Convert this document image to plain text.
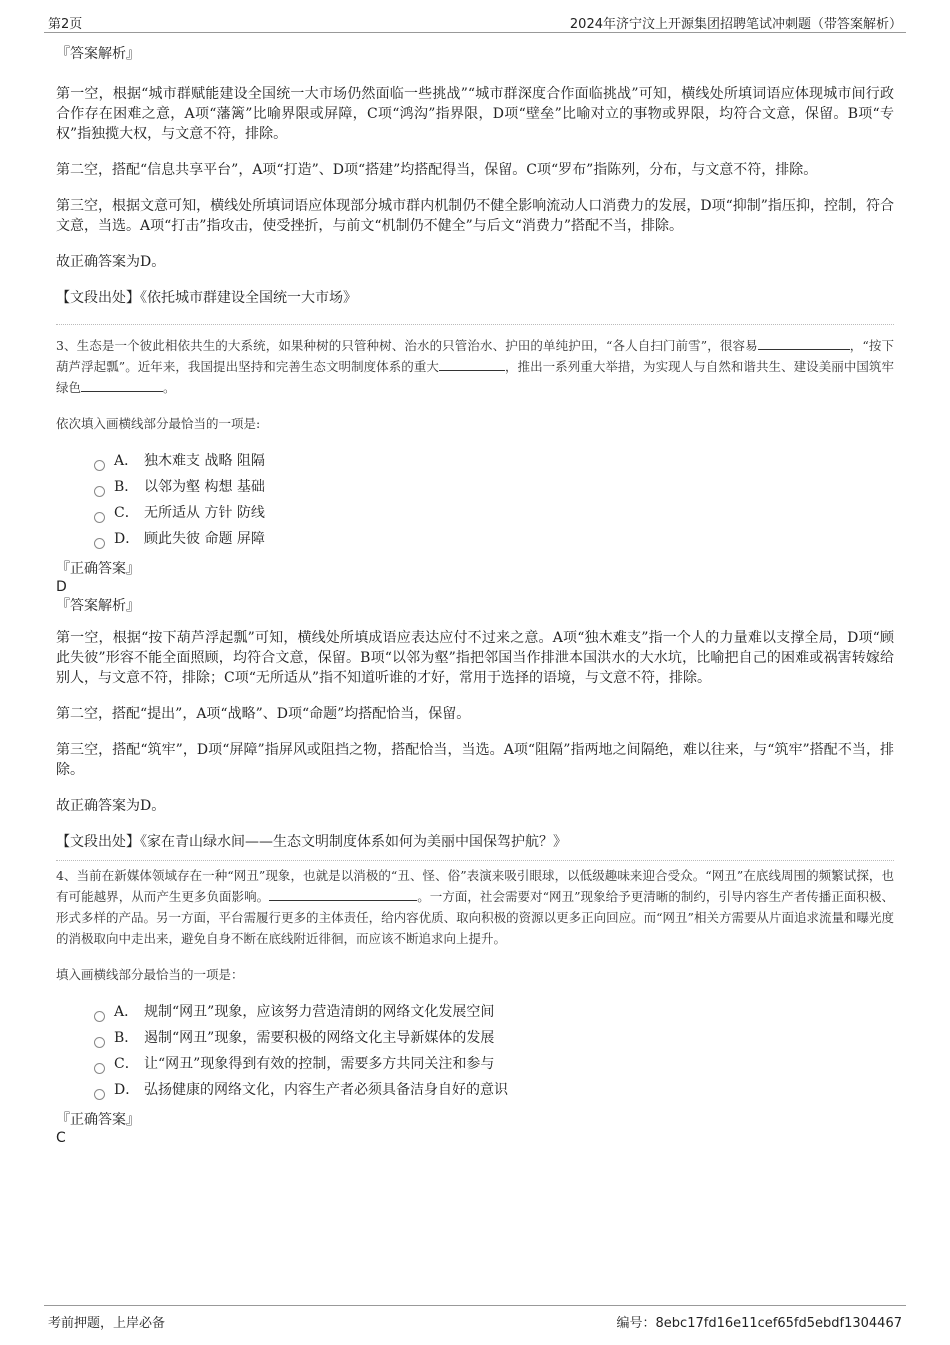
第2页	2024年济宁汶上开源集团招聘笔试冲刺题（带答案解析）

『答案解析』

第一空，根据“城市群赋能建设全国统一大市场仍然面临一些挑战”“城市群深度合作面临挑战”可知，横线处所填词语应体现城市间行政合作存在困难之意，A项“藩篱”比喻界限或屏障，C项“鸿沟”指界限，D项“壁垒”比喻对立的事物或界限，均符合文意，保留。B项“专权”指独揽大权，与文意不符，排除。

第二空，搭配“信息共享平台”，A项“打造”、D项“搭建”均搭配得当，保留。C项“罗布”指陈列，分布，与文意不符，排除。

第三空，根据文意可知，横线处所填词语应体现部分城市群内机制仍不健全影响流动人口消费力的发展，D项“抑制”指压抑，控制，符合文意，当选。A项“打击”指攻击，使受挫折，与前文“机制仍不健全”与后文“消费力”搭配不当，排除。

故正确答案为D。

【文段出处】《依托城市群建设全国统一大市场》

3、生态是一个彼此相依共生的大系统，如果种树的只管种树、治水的只管治水、护田的单纯护田，“各人自扫门前雪”，很容易	，“按下葫芦浮起瓢”。近年来，我国提出坚持和完善生态文明制度体系的重大	，推出一系列重大举措，为实现人与自然和谐共生、建设美丽中国筑牢绿色	。

依次填入画横线部分最恰当的一项是:

A． 独木难支 战略 阻隔
B． 以邻为壑 构想 基础
C． 无所适从 方针 防线
D． 顾此失彼 命题 屏障

『正确答案』

D

『答案解析』

第一空，根据“按下葫芦浮起瓢”可知，横线处所填成语应表达应付不过来之意。A项“独木难支”指一个人的力量难以支撑全局，D项“顾此失彼”形容不能全面照顾，均符合文意，保留。B项“以邻为壑”指把邻国当作排泄本国洪水的大水坑，比喻把自己的困难或祸害转嫁给别人，与文意不符，排除；C项“无所适从”指不知道听谁的才好，常用于选择的语境，与文意不符，排除。

第二空，搭配“提出”，A项“战略”、D项“命题”均搭配恰当，保留。

第三空，搭配“筑牢”，D项“屏障”指屏风或阻挡之物，搭配恰当，当选。A项“阻隔”指两地之间隔绝，难以往来，与“筑牢”搭配不当，排除。

故正确答案为D。

【文段出处】《家在青山绿水间——生态文明制度体系如何为美丽中国保驾护航？》

4、当前在新媒体领域存在一种“网丑”现象，也就是以消极的“丑、怪、俗”表演来吸引眼球，以低级趣味来迎合受众。“网丑”在底线周围的频繁试探，也有可能越界，从而产生更多负面影响。	。一方面，社会需要对“网丑”现象给予更清晰的制约，引导内容生产者传播正面积极、形式多样的产品。另一方面，平台需履行更多的主体责任，给内容优质、取向积极的资源以更多正向回应。而“网丑”相关方需要从片面追求流量和曝光度的消极取向中走出来，避免自身不断在底线附近徘徊，而应该不断追求向上提升。

填入画横线部分最恰当的一项是：

A． 规制“网丑”现象，应该努力营造清朗的网络文化发展空间
B． 遏制“网丑”现象，需要积极的网络文化主导新媒体的发展
C． 让“网丑”现象得到有效的控制，需要多方共同关注和参与
D． 弘扬健康的网络文化，内容生产者必须具备洁身自好的意识

『正确答案』

C

考前押题，上岸必备	编号：8ebc17fd16e11cef65fd5ebdf1304467
